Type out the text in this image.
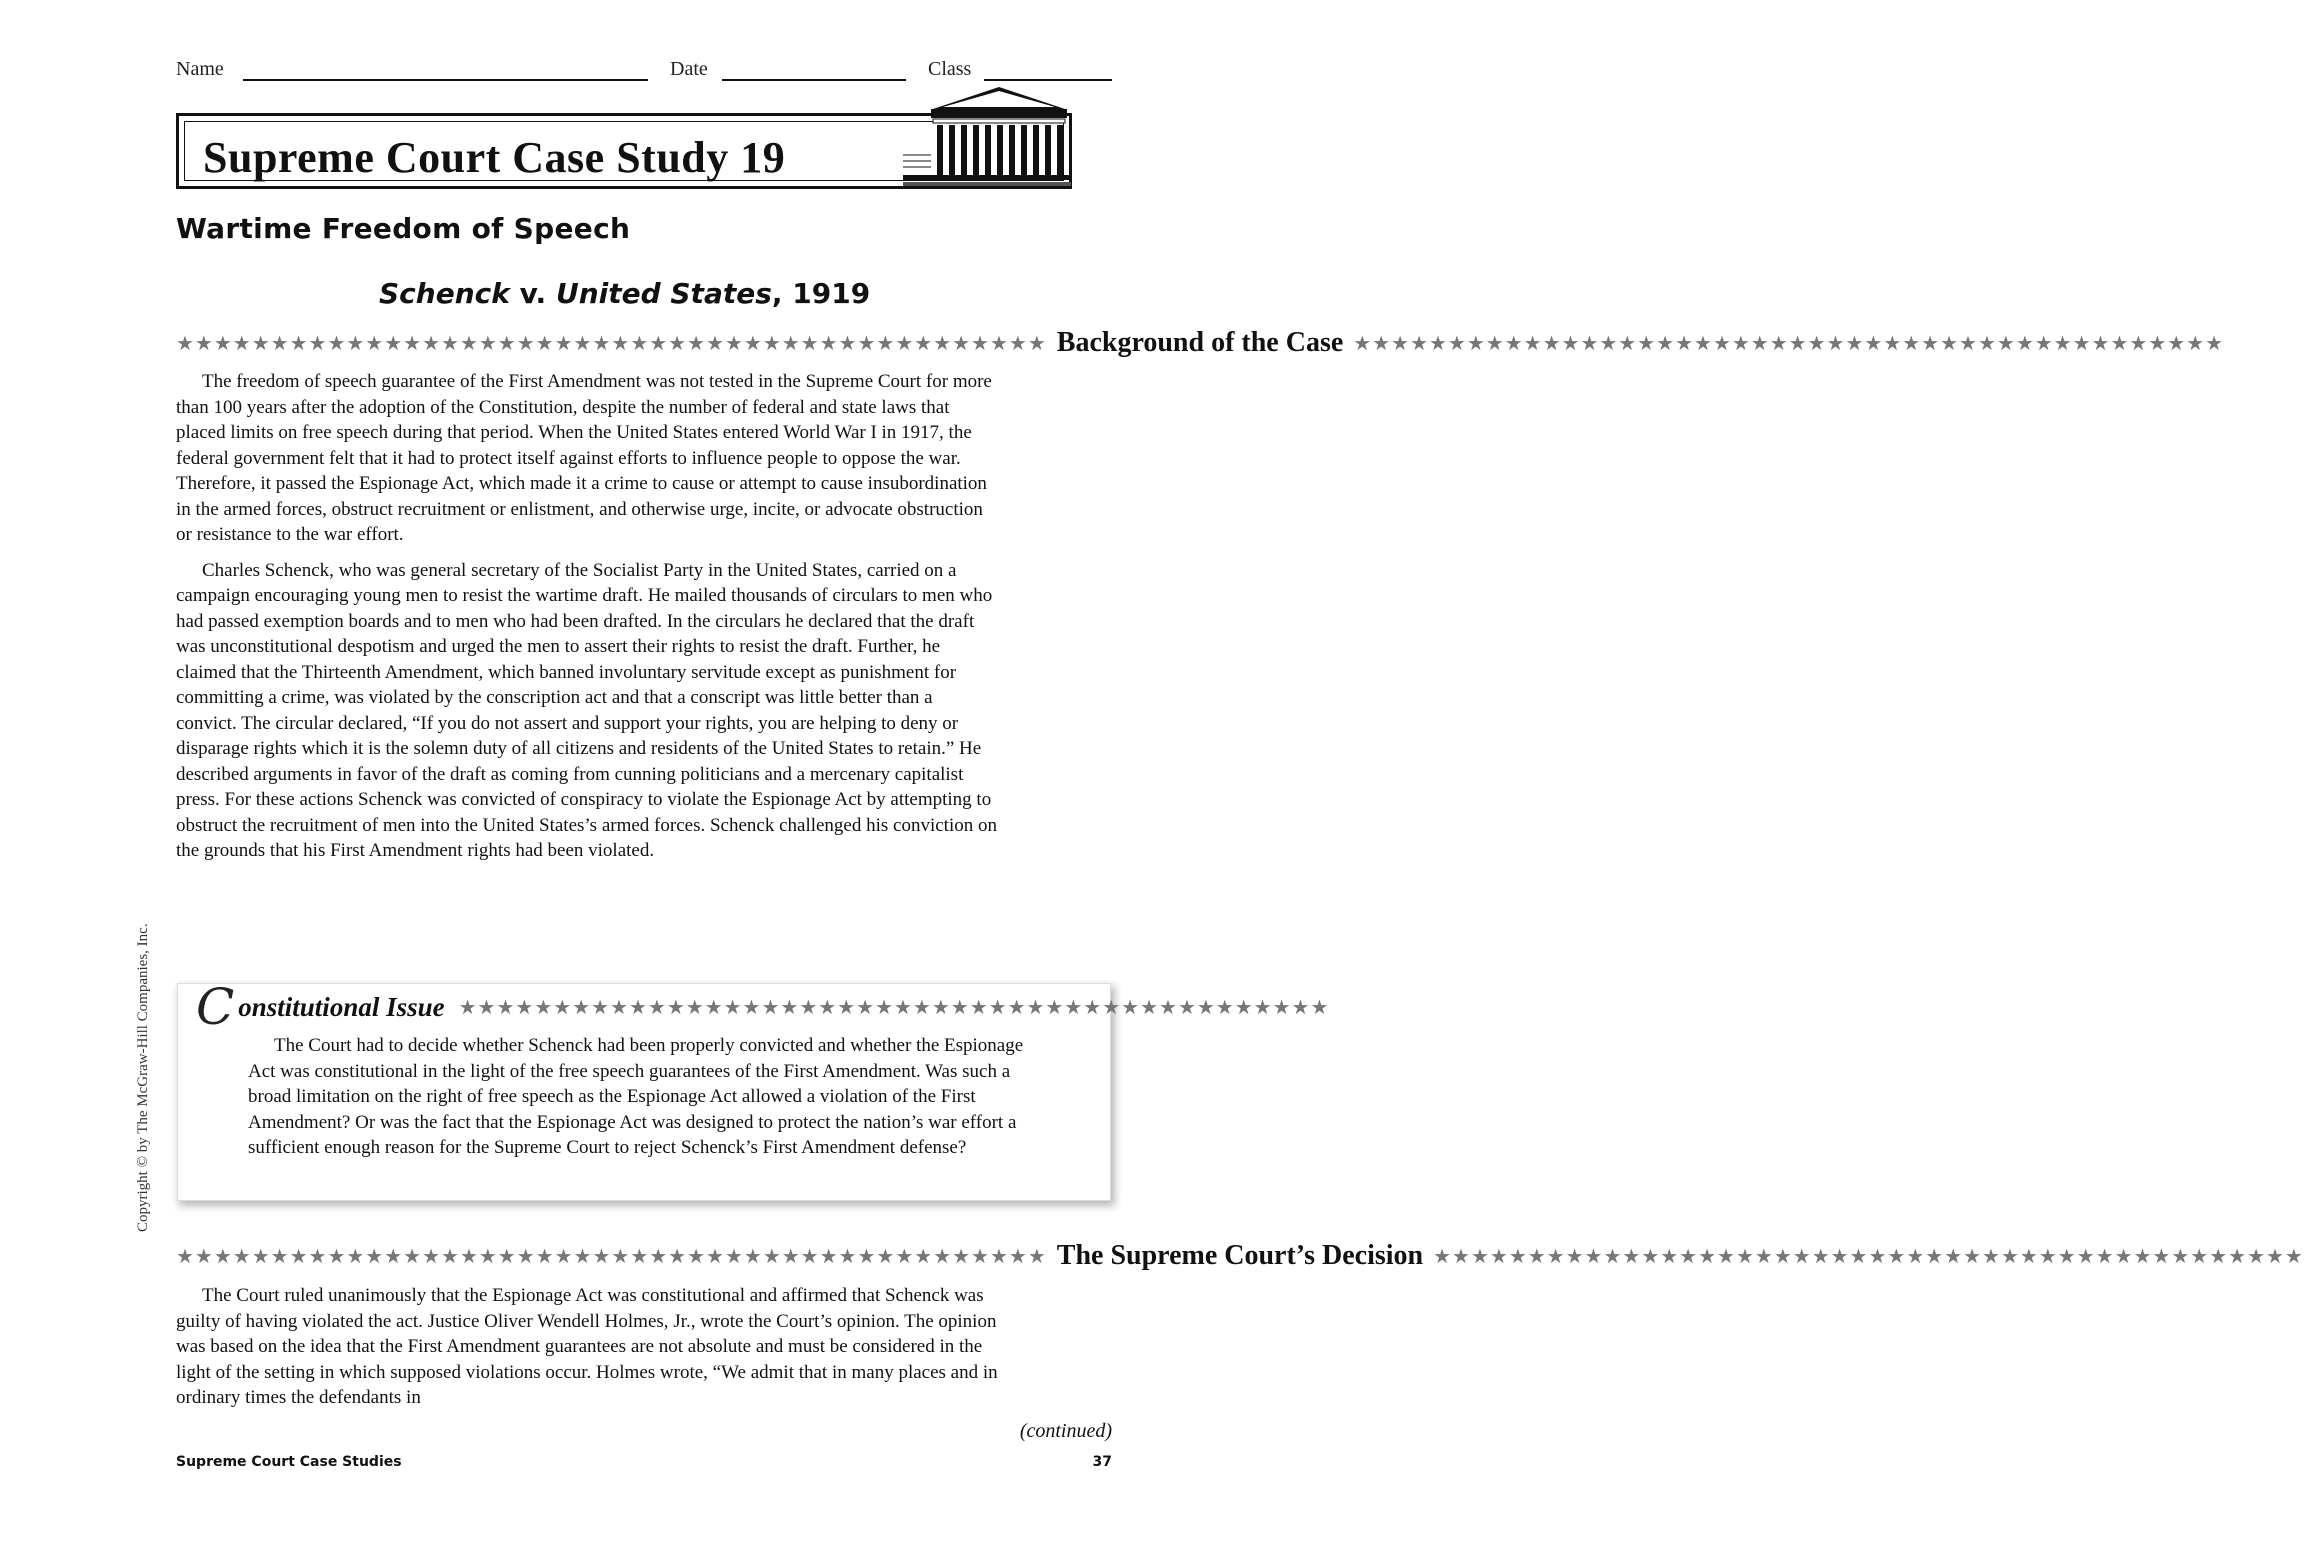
Name	Date	Class
Supreme Court Case Study 19
Wartime Freedom of Speech
Schenck v. United States, 1919
★★★★★★★★★★★★★★★★★★★★★★★★★★★★★★★★★★★★★★★★★★★★★★ Background of the Case ★★★★★★★★★★★★★★★★★★★★★★★★★★★★★★★★★★★★★★★★★★★★★★

The freedom of speech guarantee of the First Amendment was not tested in the Supreme Court for more than 100 years after the adoption of the Constitution, despite the number of federal and state laws that placed limits on free speech during that period. When the United States entered World War I in 1917, the federal government felt that it had to protect itself against efforts to influence people to oppose the war. Therefore, it passed the Espionage Act, which made it a crime to cause or attempt to cause insubordination in the armed forces, obstruct recruitment or enlistment, and otherwise urge, incite, or advocate obstruction or resistance to the war effort.

Charles Schenck, who was general secretary of the Socialist Party in the United States, carried on a campaign encouraging young men to resist the wartime draft. He mailed thousands of circulars to men who had passed exemption boards and to men who had been drafted. In the circulars he declared that the draft was unconstitutional despotism and urged the men to assert their rights to resist the draft. Further, he claimed that the Thirteenth Amendment, which banned involuntary servitude except as punishment for committing a crime, was violated by the conscription act and that a conscript was little better than a convict. The circular declared, “If you do not assert and support your rights, you are helping to deny or disparage rights which it is the solemn duty of all citizens and residents of the United States to retain.” He described arguments in favor of the draft as coming from cunning politicians and a mercenary capitalist press. For these actions Schenck was convicted of conspiracy to violate the Espionage Act by attempting to obstruct the recruitment of men into the United States’s armed forces. Schenck challenged his conviction on the grounds that his First Amendment rights had been violated.

C onstitutional Issue ★★★★★★★★★★★★★★★★★★★★★★★★★★★★★★★★★★★★★★★★★★★★★★

The Court had to decide whether Schenck had been properly convicted and whether the Espionage Act was constitutional in the light of the free speech guarantees of the First Amendment. Was such a broad limitation on the right of free speech as the Espionage Act allowed a violation of the First Amendment? Or was the fact that the Espionage Act was designed to protect the nation’s war effort a sufficient enough reason for the Supreme Court to reject Schenck’s First Amendment defense?

Copyright © by The McGraw-Hill Companies, Inc.
★★★★★★★★★★★★★★★★★★★★★★★★★★★★★★★★★★★★★★★★★★★★★★ The Supreme Court’s Decision ★★★★★★★★★★★★★★★★★★★★★★★★★★★★★★★★★★★★★★★★★★★★★★

The Court ruled unanimously that the Espionage Act was constitutional and affirmed that Schenck was guilty of having violated the act. Justice Oliver Wendell Holmes, Jr., wrote the Court’s opinion. The opinion was based on the idea that the First Amendment guarantees are not absolute and must be considered in the light of the setting in which supposed violations occur. Holmes wrote, “We admit that in many places and in ordinary times the defendants in

(continued)
Supreme Court Case Studies	37
